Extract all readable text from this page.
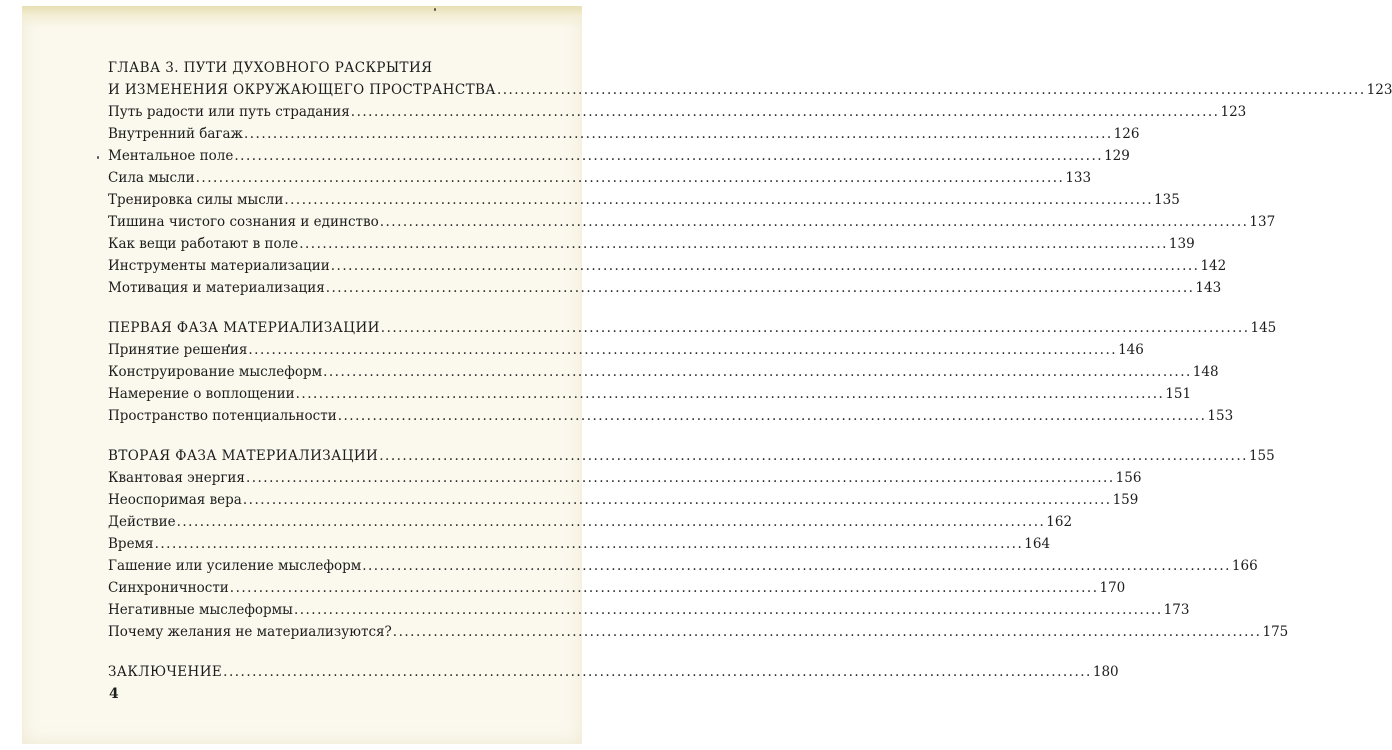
ГЛАВА 3. ПУТИ ДУХОВНОГО РАСКРЫТИЯ
И ИЗМЕНЕНИЯ ОКРУЖАЮЩЕГО ПРОСТРАНСТВА .....	123
Путь радости или путь страдания .....	123
Внутренний багаж .....	126
Ментальное поле .....	129
Сила мысли .....	133
Тренировка силы мысли .....	135
Тишина чистого сознания и единство .....	137
Как вещи работают в поле .....	139
Инструменты материализации .....	142
Мотивация и материализация .....	143
ПЕРВАЯ ФАЗА МАТЕРИАЛИЗАЦИИ .....	145
Принятие решения .....	146
Конструирование мыслеформ .....	148
Намерение о воплощении .....	151
Пространство потенциальности .....	153
ВТОРАЯ ФАЗА МАТЕРИАЛИЗАЦИИ .....	155
Квантовая энергия .....	156
Неоспоримая вера .....	159
Действие .....	162
Время .....	164
Гашение или усиление мыслеформ .....	166
Синхроничности .....	170
Негативные мыслеформы .....	173
Почему желания не материализуются? .....	175
ЗАКЛЮЧЕНИЕ .....	180
4
